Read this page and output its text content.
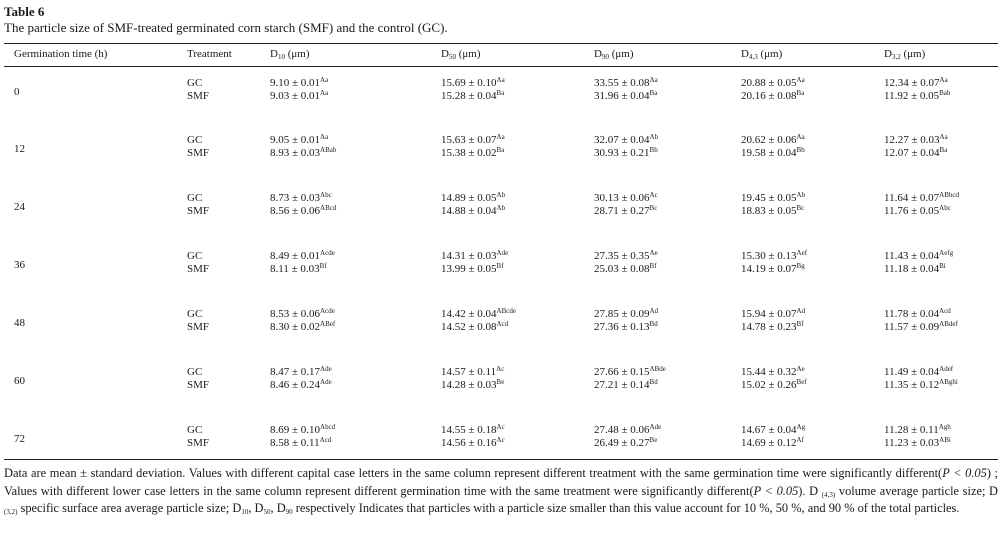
Table 6
The particle size of SMF-treated germinated corn starch (SMF) and the control (GC).
Germination time (h)	Treatment	$D_{10}$ (μm)	$D_{50}$ (μm)	$D_{90}$ (μm)	$D_{4,3}$ (μm)	$D_{3,2}$ (μm)
0
GC	$9.10 \pm 0.01^{Aa}$	$15.69 \pm 0.10^{Aa}$	$33.55 \pm 0.08^{Aa}$	$20.88 \pm 0.05^{Aa}$	$12.34 \pm 0.07^{Aa}$
SMF	$9.03 \pm 0.01^{Aa}$	$15.28 \pm 0.04^{Ba}$	$31.96 \pm 0.04^{Ba}$	$20.16 \pm 0.08^{Ba}$	$11.92 \pm 0.05^{Bab}$
12
GC	$9.05 \pm 0.01^{Aa}$	$15.63 \pm 0.07^{Aa}$	$32.07 \pm 0.04^{Ab}$	$20.62 \pm 0.06^{Aa}$	$12.27 \pm 0.03^{Aa}$
SMF	$8.93 \pm 0.03^{ABab}$	$15.38 \pm 0.02^{Ba}$	$30.93 \pm 0.21^{Bb}$	$19.58 \pm 0.04^{Bb}$	$12.07 \pm 0.04^{Ba}$
24
GC	$8.73 \pm 0.03^{Abc}$	$14.89 \pm 0.05^{Ab}$	$30.13 \pm 0.06^{Ac}$	$19.45 \pm 0.05^{Ab}$	$11.64 \pm 0.07^{ABbcd}$
SMF	$8.56 \pm 0.06^{ABcd}$	$14.88 \pm 0.04^{Ab}$	$28.71 \pm 0.27^{Bc}$	$18.83 \pm 0.05^{Bc}$	$11.76 \pm 0.05^{Abc}$
36
GC	$8.49 \pm 0.01^{Acde}$	$14.31 \pm 0.03^{Ade}$	$27.35 \pm 0.35^{Ae}$	$15.30 \pm 0.13^{Aef}$	$11.43 \pm 0.04^{Aefg}$
SMF	$8.11 \pm 0.03^{Bf}$	$13.99 \pm 0.05^{Bf}$	$25.03 \pm 0.08^{Bf}$	$14.19 \pm 0.07^{Bg}$	$11.18 \pm 0.04^{Bi}$
48
GC	$8.53 \pm 0.06^{Acde}$	$14.42 \pm 0.04^{ABcde}$	$27.85 \pm 0.09^{Ad}$	$15.94 \pm 0.07^{Ad}$	$11.78 \pm 0.04^{Acd}$
SMF	$8.30 \pm 0.02^{ABef}$	$14.52 \pm 0.08^{Acd}$	$27.36 \pm 0.13^{Bd}$	$14.78 \pm 0.23^{Bf}$	$11.57 \pm 0.09^{ABdef}$
60
GC	$8.47 \pm 0.17^{Ade}$	$14.57 \pm 0.11^{Ac}$	$27.66 \pm 0.15^{ABde}$	$15.44 \pm 0.32^{Ae}$	$11.49 \pm 0.04^{Adef}$
SMF	$8.46 \pm 0.24^{Ade}$	$14.28 \pm 0.03^{Be}$	$27.21 \pm 0.14^{Bd}$	$15.02 \pm 0.26^{Bef}$	$11.35 \pm 0.12^{ABghi}$
72
GC	$8.69 \pm 0.10^{Abcd}$	$14.55 \pm 0.18^{Ac}$	$27.48 \pm 0.06^{Ade}$	$14.67 \pm 0.04^{Ag}$	$11.28 \pm 0.11^{Agh}$
SMF	$8.58 \pm 0.11^{Acd}$	$14.56 \pm 0.16^{Ac}$	$26.49 \pm 0.27^{Be}$	$14.69 \pm 0.12^{Af}$	$11.23 \pm 0.03^{ABi}$
Data are mean ± standard deviation. Values with different capital case letters in the same column represent different treatment with the same germination time were significantly different(P < 0.05) ; Values with different lower case letters in the same column represent different germination time with the same treatment were significantly different(P < 0.05). D $_{(4,3)}$ volume average particle size; D $_{(3,2)}$ specific surface area average particle size; $D_{10}$, $D_{50}$, $D_{90}$ respectively Indicates that particles with a particle size smaller than this value account for 10 %, 50 %, and 90 % of the total particles.
